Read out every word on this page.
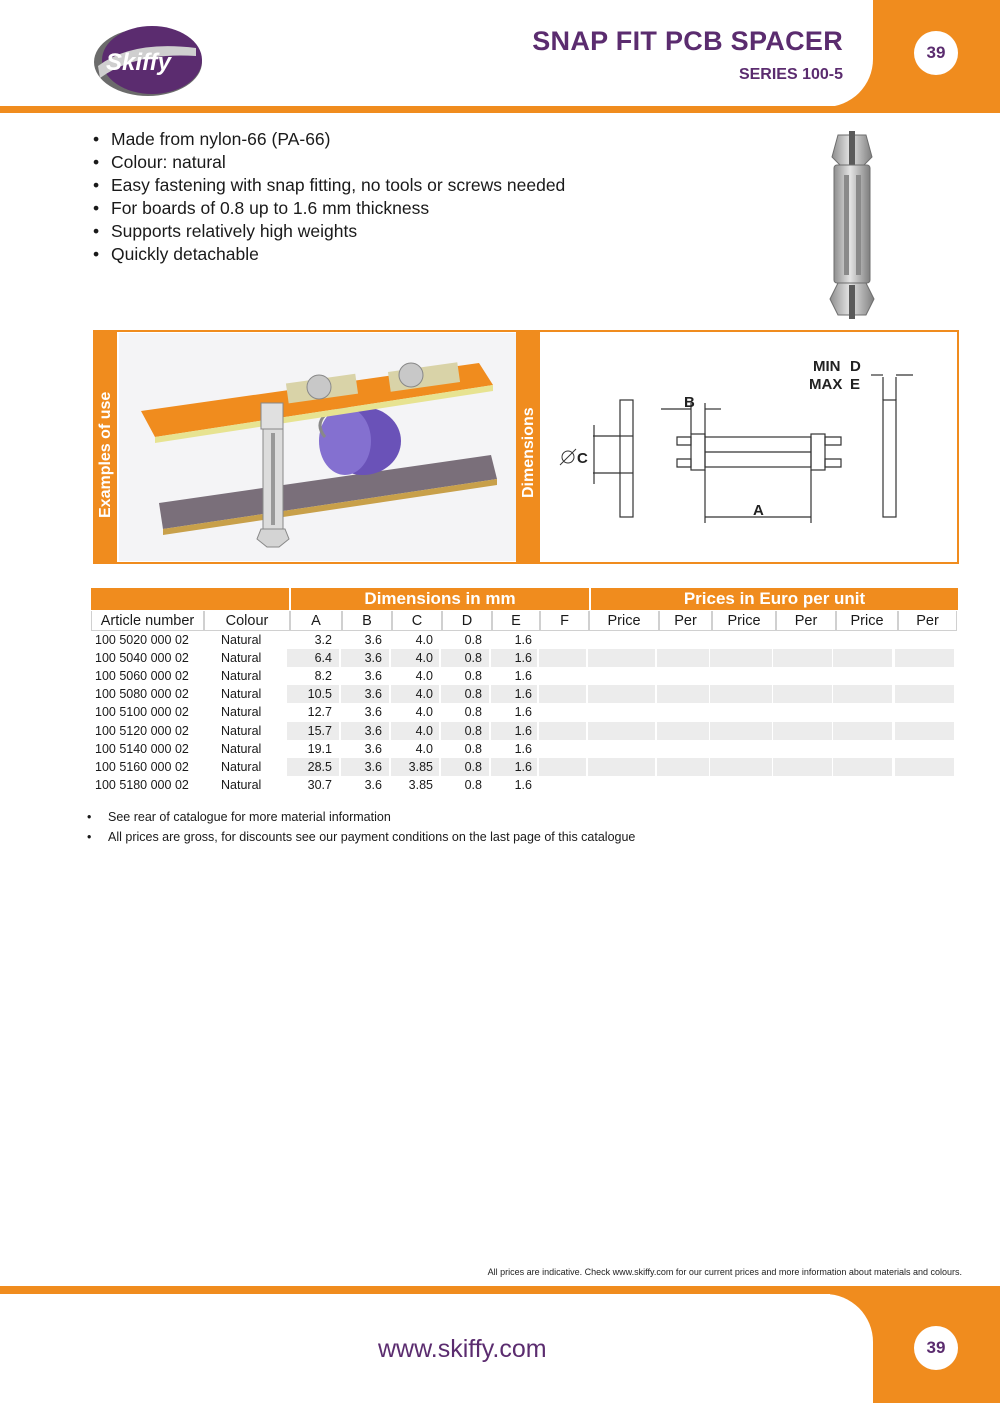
Skiffy
SNAP FIT PCB SPACER
SERIES 100-5
39
• Made from nylon-66 (PA-66)
• Colour: natural
• Easy fastening with snap fitting, no tools or screws needed
• For boards of 0.8 up to 1.6 mm thickness
• Supports relatively high weights
• Quickly detachable
Examples of use	Dimensions
MIN D
MAX E
B
C
A
Dimensions in mm	Prices in Euro per unit
Article number	Colour	A	B	C	D	E	F	Price	Per	Price	Per	Price	Per
100 5020 000 02	Natural	3.2	3.6	4.0	0.8	1.6
100 5040 000 02	Natural	6.4	3.6	4.0	0.8	1.6
100 5060 000 02	Natural	8.2	3.6	4.0	0.8	1.6
100 5080 000 02	Natural	10.5	3.6	4.0	0.8	1.6
100 5100 000 02	Natural	12.7	3.6	4.0	0.8	1.6
100 5120 000 02	Natural	15.7	3.6	4.0	0.8	1.6
100 5140 000 02	Natural	19.1	3.6	4.0	0.8	1.6
100 5160 000 02	Natural	28.5	3.6	3.85	0.8	1.6
100 5180 000 02	Natural	30.7	3.6	3.85	0.8	1.6
• See rear of catalogue for more material information
• All prices are gross, for discounts see our payment conditions on the last page of this catalogue
All prices are indicative. Check www.skiffy.com for our current prices and more information about materials and colours.
www.skiffy.com	39
